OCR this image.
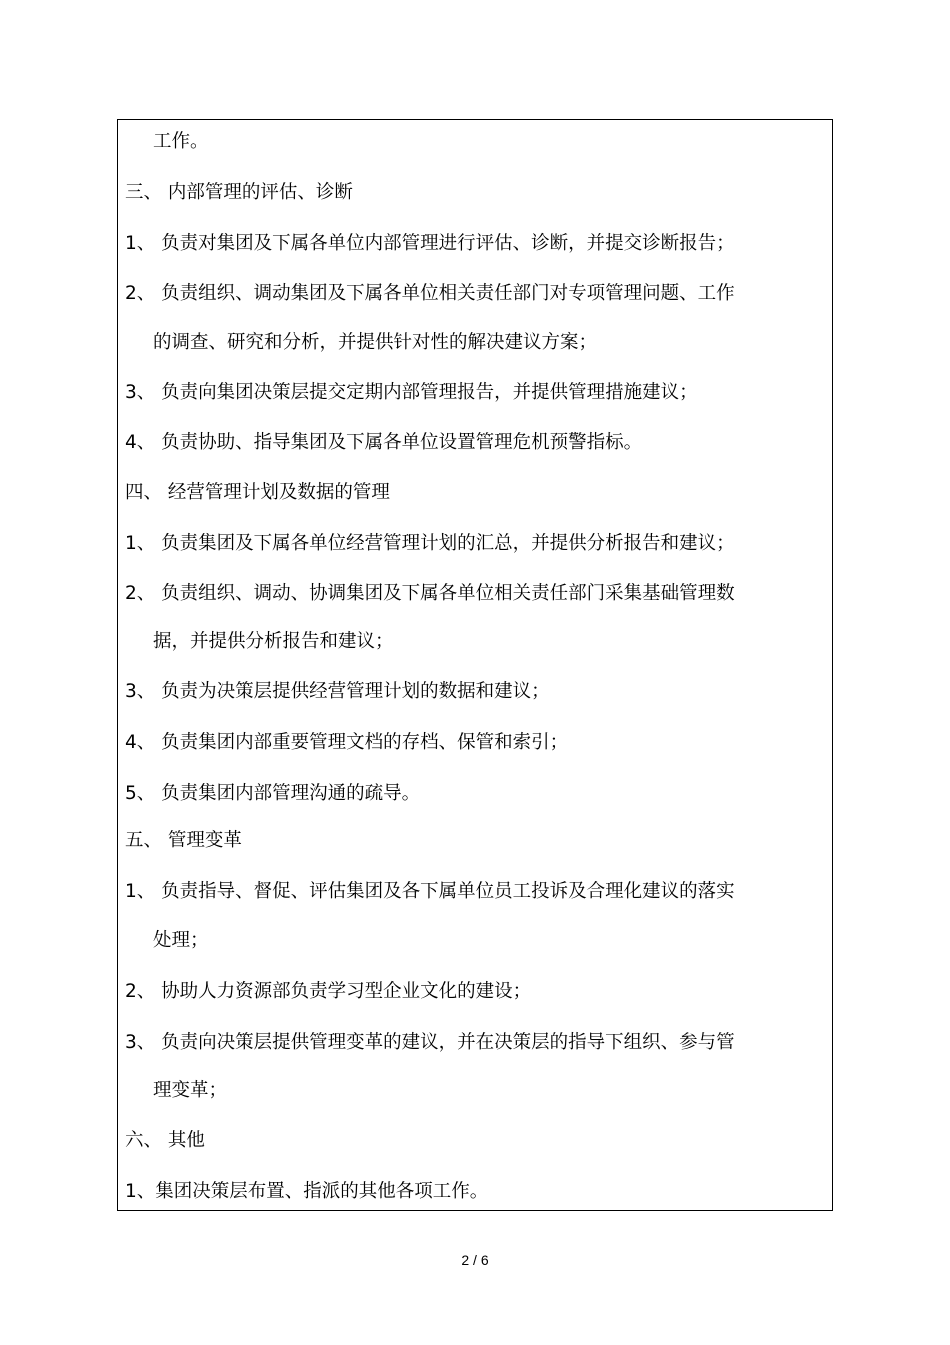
工作。
三、 内部管理的评估、诊断
1、 负责对集团及下属各单位内部管理进行评估、诊断，并提交诊断报告；
2、 负责组织、调动集团及下属各单位相关责任部门对专项管理问题、工作
的调查、研究和分析，并提供针对性的解决建议方案；
3、 负责向集团决策层提交定期内部管理报告，并提供管理措施建议；
4、 负责协助、指导集团及下属各单位设置管理危机预警指标。
四、 经营管理计划及数据的管理
1、 负责集团及下属各单位经营管理计划的汇总，并提供分析报告和建议；
2、 负责组织、调动、协调集团及下属各单位相关责任部门采集基础管理数
据，并提供分析报告和建议；
3、 负责为决策层提供经营管理计划的数据和建议；
4、 负责集团内部重要管理文档的存档、保管和索引；
5、 负责集团内部管理沟通的疏导。
五、 管理变革
1、 负责指导、督促、评估集团及各下属单位员工投诉及合理化建议的落实
处理；
2、 协助人力资源部负责学习型企业文化的建设；
3、 负责向决策层提供管理变革的建议，并在决策层的指导下组织、参与管
理变革；
六、 其他
1、集团决策层布置、指派的其他各项工作。
2 / 6
